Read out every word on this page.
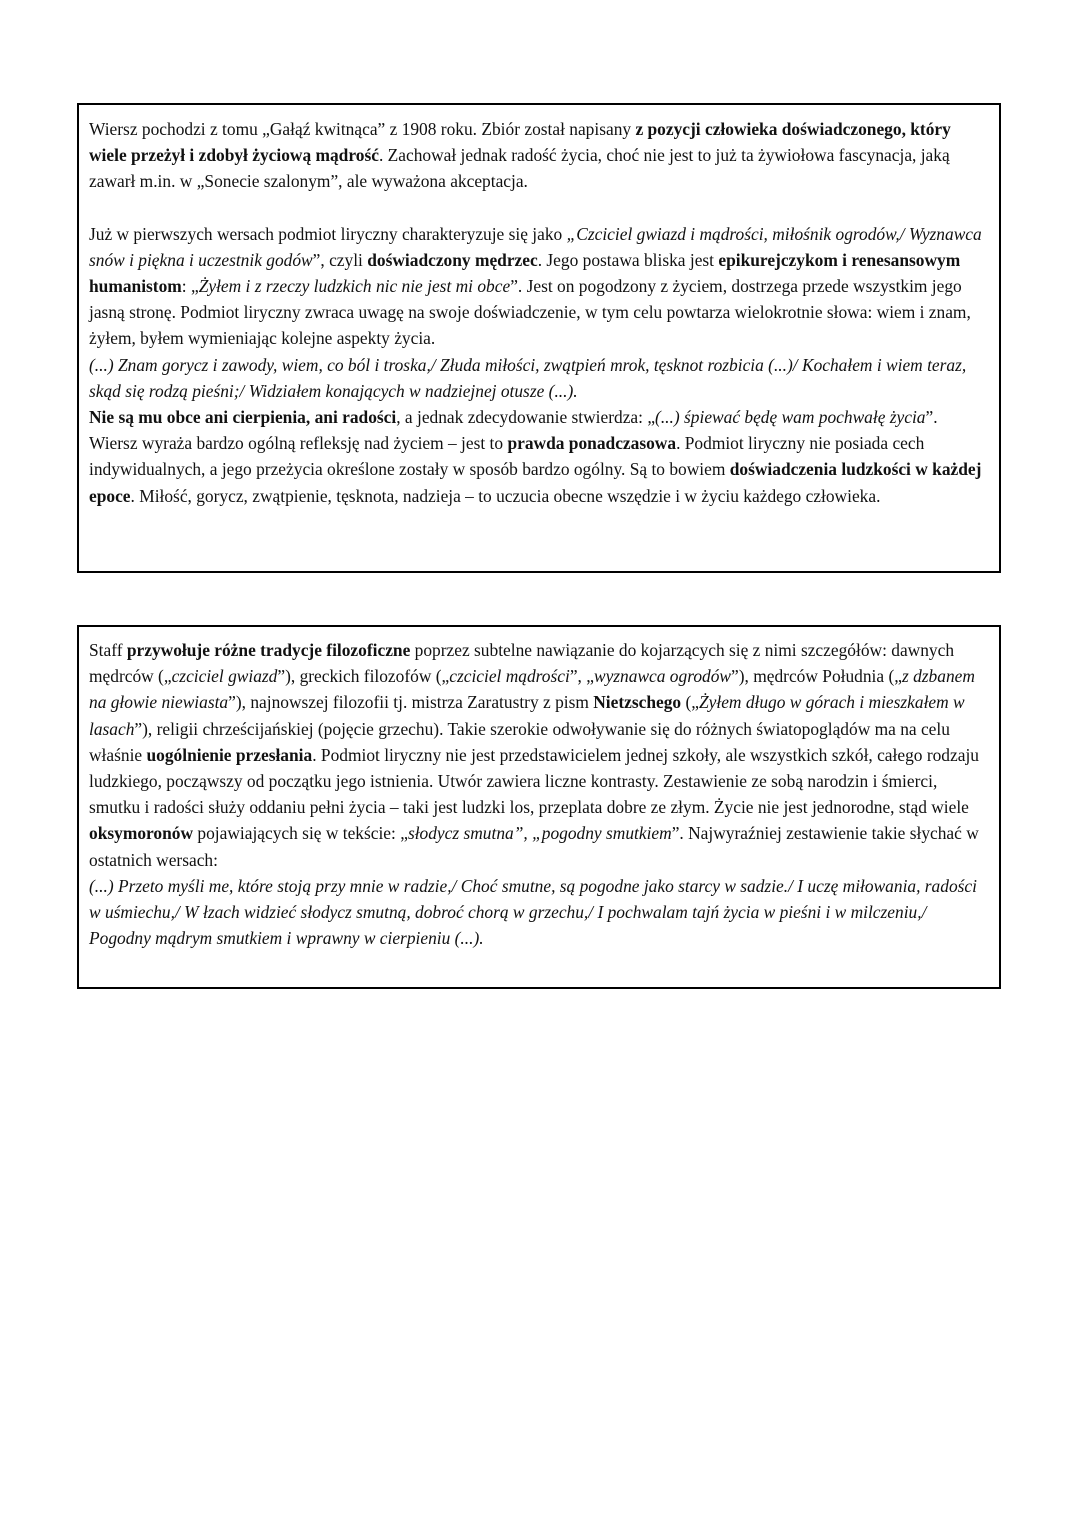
Wiersz pochodzi z tomu „Gałąź kwitnąca” z 1908 roku. Zbiór został napisany z pozycji człowieka doświadczonego, który wiele przeżył i zdobył życiową mądrość. Zachował jednak radość życia, choć nie jest to już ta żywiołowa fascynacja, jaką zawarł m.in. w „Sonecie szalonym”, ale wyważona akceptacja.

Już w pierwszych wersach podmiot liryczny charakteryzuje się jako „Czciciel gwiazd i mądrości, miłośnik ogrodów,/ Wyznawca snów i piękna i uczestnik godów”, czyli doświadczony mędrzec. Jego postawa bliska jest epikurejczykom i renesansowym humanistom: „Żyłem i z rzeczy ludzkich nic nie jest mi obce”. Jest on pogodzony z życiem, dostrzega przede wszystkim jego jasną stronę. Podmiot liryczny zwraca uwagę na swoje doświadczenie, w tym celu powtarza wielokrotnie słowa: wiem i znam, żyłem, byłem wymieniając kolejne aspekty życia.

(...) Znam gorycz i zawody, wiem, co ból i troska,/ Złuda miłości, zwątpień mrok, tęsknot rozbicia (...)/ Kochałem i wiem teraz, skąd się rodzą pieśni;/ Widziałem konających w nadziejnej otusze (...).

Nie są mu obce ani cierpienia, ani radości, a jednak zdecydowanie stwierdza: „(...) śpiewać będę wam pochwałę życia”. Wiersz wyraża bardzo ogólną refleksję nad życiem – jest to prawda ponadczasowa. Podmiot liryczny nie posiada cech indywidualnych, a jego przeżycia określone zostały w sposób bardzo ogólny. Są to bowiem doświadczenia ludzkości w każdej epoce. Miłość, gorycz, zwątpienie, tęsknota, nadzieja – to uczucia obecne wszędzie i w życiu każdego człowieka.

Staff przywołuje różne tradycje filozoficzne poprzez subtelne nawiązanie do kojarzących się z nimi szczegółów: dawnych mędrców („czciciel gwiazd”), greckich filozofów („czciciel mądrości”, „wyznawca ogrodów”), mędrców Południa („z dzbanem na głowie niewiasta”), najnowszej filozofii tj. mistrza Zaratustry z pism Nietzschego („Żyłem długo w górach i mieszkałem w lasach”), religii chrześcijańskiej (pojęcie grzechu). Takie szerokie odwoływanie się do różnych światopoglądów ma na celu właśnie uogólnienie przesłania. Podmiot liryczny nie jest przedstawicielem jednej szkoły, ale wszystkich szkół, całego rodzaju ludzkiego, począwszy od początku jego istnienia. Utwór zawiera liczne kontrasty. Zestawienie ze sobą narodzin i śmierci, smutku i radości służy oddaniu pełni życia – taki jest ludzki los, przeplata dobre ze złym. Życie nie jest jednorodne, stąd wiele oksymoronów pojawiających się w tekście: „słodycz smutna”, „pogodny smutkiem”. Najwyraźniej zestawienie takie słychać w ostatnich wersach:

(...) Przeto myśli me, które stoją przy mnie w radzie,/ Choć smutne, są pogodne jako starcy w sadzie./ I uczę miłowania, radości w uśmiechu,/ W łzach widzieć słodycz smutną, dobroć chorą w grzechu,/ I pochwalam tajń życia w pieśni i w milczeniu,/ Pogodny mądrym smutkiem i wprawny w cierpieniu (...).
